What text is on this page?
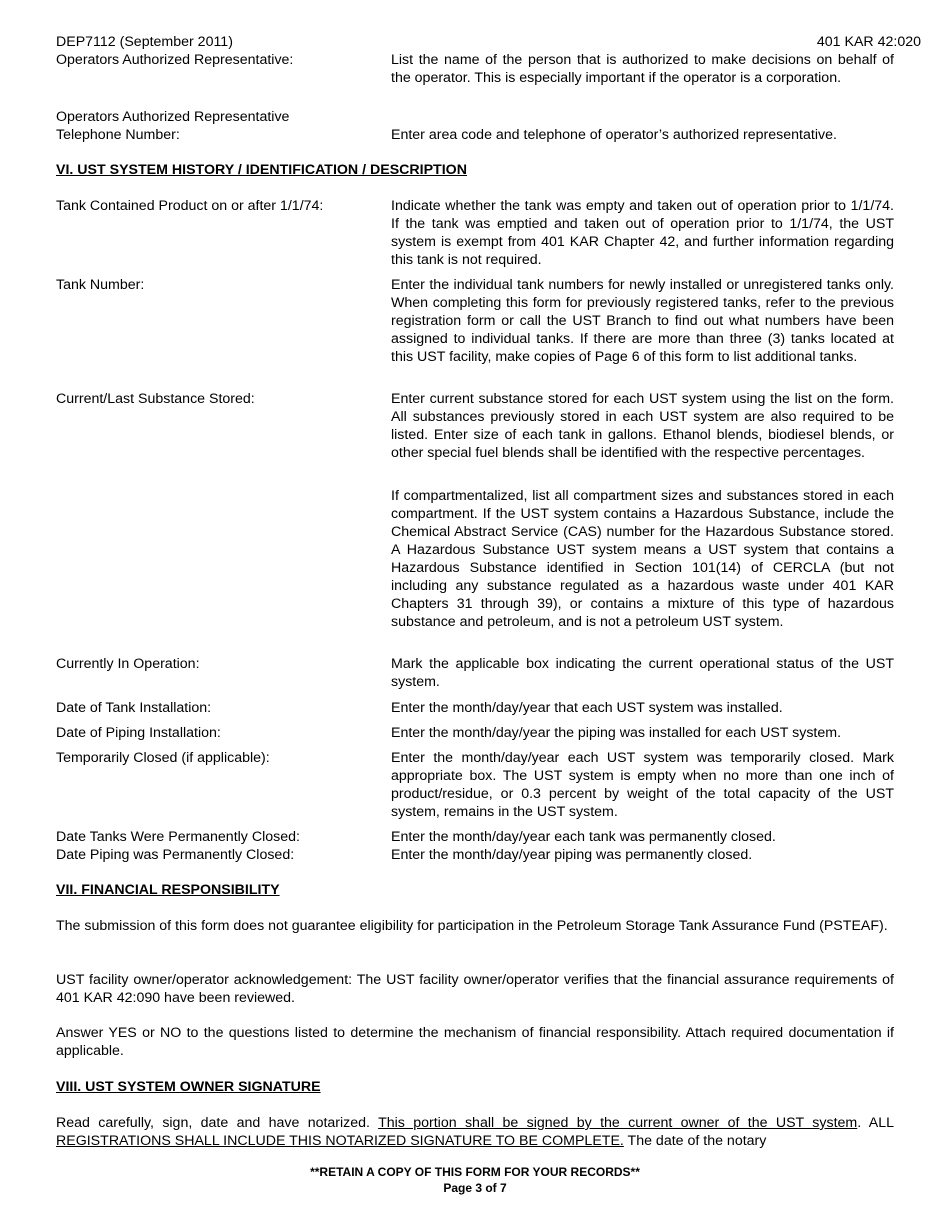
DEP7112 (September 2011)	401 KAR 42:020
Operators Authorized Representative:	List the name of the person that is authorized to make decisions on behalf of the operator. This is especially important if the operator is a corporation.
Operators Authorized Representative
Telephone Number:	Enter area code and telephone of operator’s authorized representative.
VI. UST SYSTEM HISTORY / IDENTIFICATION / DESCRIPTION
Tank Contained Product on or after 1/1/74:	Indicate whether the tank was empty and taken out of operation prior to 1/1/74. If the tank was emptied and taken out of operation prior to 1/1/74, the UST system is exempt from 401 KAR Chapter 42, and further information regarding this tank is not required.
Tank Number:	Enter the individual tank numbers for newly installed or unregistered tanks only. When completing this form for previously registered tanks, refer to the previous registration form or call the UST Branch to find out what numbers have been assigned to individual tanks. If there are more than three (3) tanks located at this UST facility, make copies of Page 6 of this form to list additional tanks.
Current/Last Substance Stored:	Enter current substance stored for each UST system using the list on the form. All substances previously stored in each UST system are also required to be listed. Enter size of each tank in gallons. Ethanol blends, biodiesel blends, or other special fuel blends shall be identified with the respective percentages.
If compartmentalized, list all compartment sizes and substances stored in each compartment. If the UST system contains a Hazardous Substance, include the Chemical Abstract Service (CAS) number for the Hazardous Substance stored. A Hazardous Substance UST system means a UST system that contains a Hazardous Substance identified in Section 101(14) of CERCLA (but not including any substance regulated as a hazardous waste under 401 KAR Chapters 31 through 39), or contains a mixture of this type of hazardous substance and petroleum, and is not a petroleum UST system.
Currently In Operation:	Mark the applicable box indicating the current operational status of the UST system.
Date of Tank Installation:	Enter the month/day/year that each UST system was installed.
Date of Piping Installation:	Enter the month/day/year the piping was installed for each UST system.
Temporarily Closed (if applicable):	Enter the month/day/year each UST system was temporarily closed. Mark appropriate box. The UST system is empty when no more than one inch of product/residue, or 0.3 percent by weight of the total capacity of the UST system, remains in the UST system.
Date Tanks Were Permanently Closed:	Enter the month/day/year each tank was permanently closed.
Date Piping was Permanently Closed:	Enter the month/day/year piping was permanently closed.
VII. FINANCIAL RESPONSIBILITY
The submission of this form does not guarantee eligibility for participation in the Petroleum Storage Tank Assurance Fund (PSTEAF).
UST facility owner/operator acknowledgement: The UST facility owner/operator verifies that the financial assurance requirements of 401 KAR 42:090 have been reviewed.
Answer YES or NO to the questions listed to determine the mechanism of financial responsibility. Attach required documentation if applicable.
VIII. UST SYSTEM OWNER SIGNATURE
Read carefully, sign, date and have notarized. This portion shall be signed by the current owner of the UST system. ALL REGISTRATIONS SHALL INCLUDE THIS NOTARIZED SIGNATURE TO BE COMPLETE. The date of the notary
**RETAIN A COPY OF THIS FORM FOR YOUR RECORDS**
Page 3 of 7
